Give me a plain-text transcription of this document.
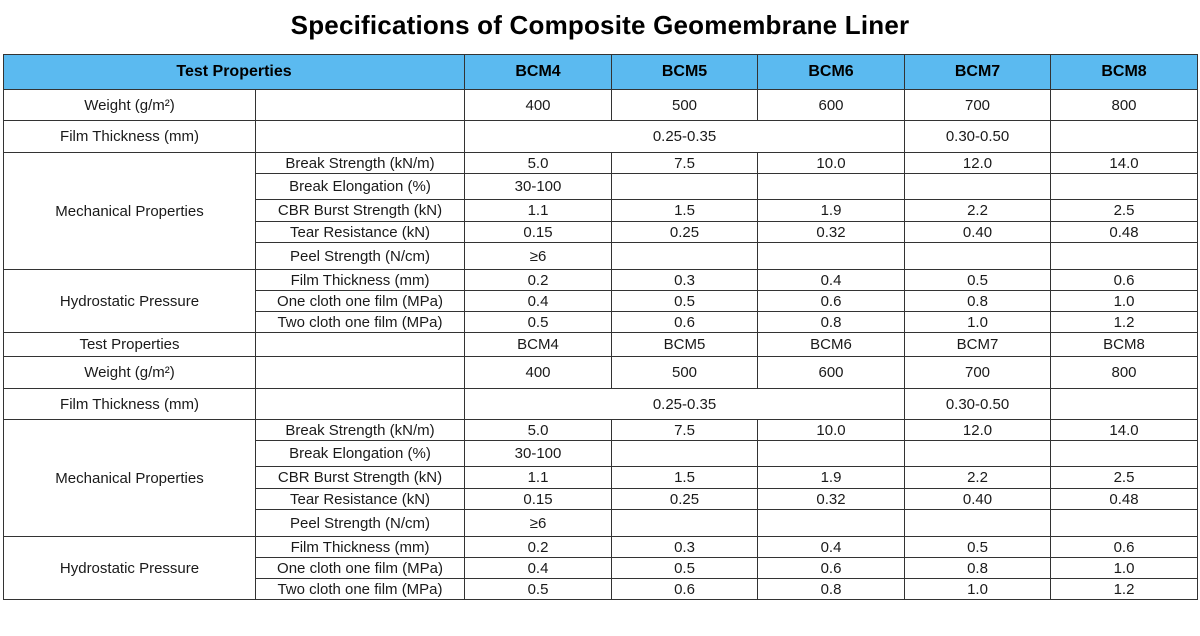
Specifications of Composite Geomembrane Liner
Test Properties		BCM4	BCM5	BCM6	BCM7	BCM8
Weight (g/m²)		400	500	600	700	800
Film Thickness (mm)		0.25-0.35			0.30-0.50	
Mechanical Properties	Break Strength (kN/m)	5.0	7.5	10.0	12.0	14.0
	Break Elongation (%)	30-100				
	CBR Burst Strength (kN)	1.1	1.5	1.9	2.2	2.5
	Tear Resistance (kN)	0.15	0.25	0.32	0.40	0.48
	Peel Strength (N/cm)	≥6				
Hydrostatic Pressure	Film Thickness (mm)	0.2	0.3	0.4	0.5	0.6
	One cloth one film (MPa)	0.4	0.5	0.6	0.8	1.0
	Two cloth one film (MPa)	0.5	0.6	0.8	1.0	1.2
Test Properties		BCM4	BCM5	BCM6	BCM7	BCM8
Weight (g/m²)		400	500	600	700	800
Film Thickness (mm)		0.25-0.35			0.30-0.50	
Mechanical Properties	Break Strength (kN/m)	5.0	7.5	10.0	12.0	14.0
	Break Elongation (%)	30-100				
	CBR Burst Strength (kN)	1.1	1.5	1.9	2.2	2.5
	Tear Resistance (kN)	0.15	0.25	0.32	0.40	0.48
	Peel Strength (N/cm)	≥6				
Hydrostatic Pressure	Film Thickness (mm)	0.2	0.3	0.4	0.5	0.6
	One cloth one film (MPa)	0.4	0.5	0.6	0.8	1.0
	Two cloth one film (MPa)	0.5	0.6	0.8	1.0	1.2
